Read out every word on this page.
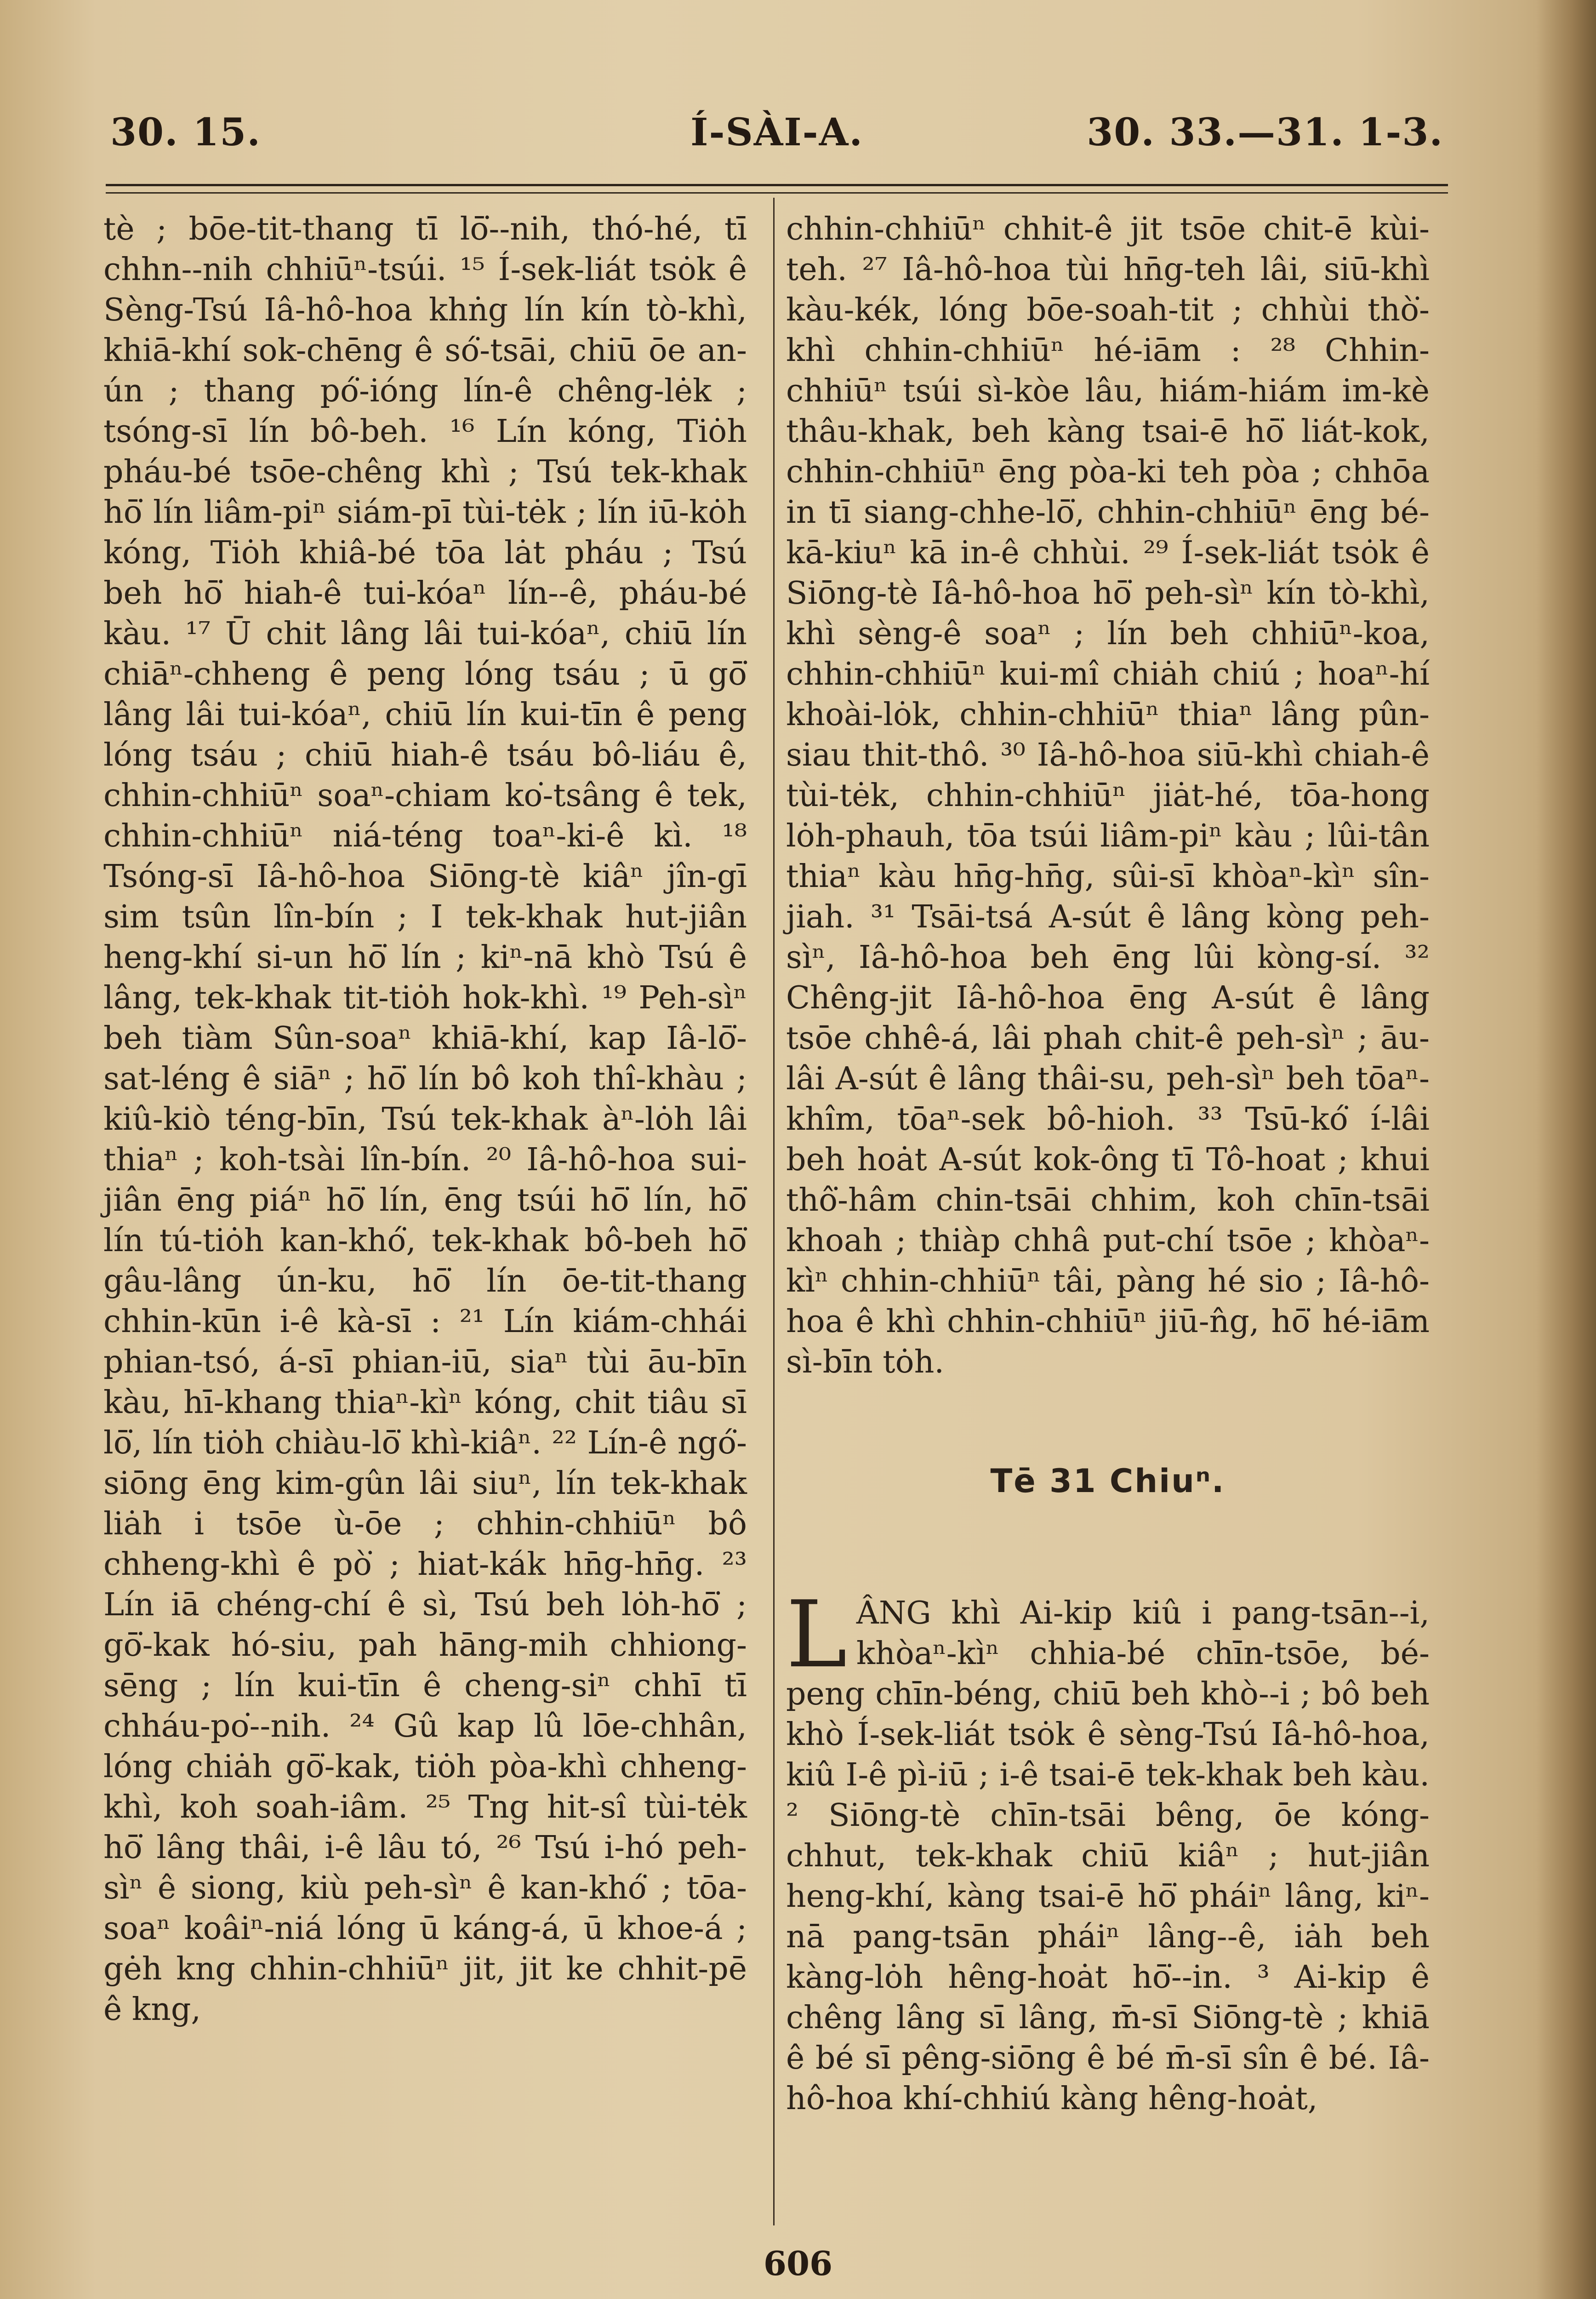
30. 15.	Í-SÀI-A.	30. 33.—31. 1-3.

tè ; bōe-tit-thang tī lō͘--nih, thó-hé, tī chhn--nih chhiūⁿ-tsúi. ¹⁵ Í-sek-liát tsȯk ê Sèng-Tsú Iâ-hô-hoa khṅg lín kín tò-khì, khiā-khí sok-chēng ê só͘-tsāi, chiū ōe an-ún ; thang pó͘-ióng lín-ê chêng-lėk ; tsóng-sī lín bô-beh. ¹⁶ Lín kóng, Tiȯh pháu-bé tsōe-chêng khì ; Tsú tek-khak hō͘ lín liâm-piⁿ siám-pī tùi-tėk ; lín iū-kȯh kóng, Tiȯh khiâ-bé tōa lȧt pháu ; Tsú beh hō͘ hiah-ê tui-kóaⁿ lín--ê, pháu-bé kàu. ¹⁷ Ū chit lâng lâi tui-kóaⁿ, chiū lín chiāⁿ-chheng ê peng lóng tsáu ; ū gō͘ lâng lâi tui-kóaⁿ, chiū lín kui-tīn ê peng lóng tsáu ; chiū hiah-ê tsáu bô-liáu ê, chhin-chhiūⁿ soaⁿ-chiam ko͘-tsâng ê tek, chhin-chhiūⁿ niá-téng toaⁿ-ki-ê kì. ¹⁸ Tsóng-sī Iâ-hô-hoa Siōng-tè kiâⁿ jîn-gī sim tsûn lîn-bín ; I tek-khak hut-jiân heng-khí si-un hō͘ lín ; kiⁿ-nā khò Tsú ê lâng, tek-khak tit-tiȯh hok-khì. ¹⁹ Peh-sìⁿ beh tiàm Sûn-soaⁿ khiā-khí, kap Iâ-lō͘-sat-léng ê siāⁿ ; hō͘ lín bô koh thî-khàu ; kiû-kiò téng-bīn, Tsú tek-khak àⁿ-lȯh lâi thiaⁿ ; koh-tsài lîn-bín. ²⁰ Iâ-hô-hoa sui-jiân ēng piáⁿ hō͘ lín, ēng tsúi hō͘ lín, hō͘ lín tú-tiȯh kan-khó͘, tek-khak bô-beh hō͘ gâu-lâng ún-ku, hō͘ lín ōe-tit-thang chhin-kūn i-ê kà-sī : ²¹ Lín kiám-chhái phian-tsó, á-sī phian-iū, siaⁿ tùi āu-bīn kàu, hī-khang thiaⁿ-kìⁿ kóng, chit tiâu sī lō͘, lín tiȯh chiàu-lō͘ khì-kiâⁿ. ²² Lín-ê ngó͘-siōng ēng kim-gûn lâi siuⁿ, lín tek-khak liȧh i tsōe ù-ōe ; chhin-chhiūⁿ bô chheng-khì ê pò͘ ; hiat-kák hn̄g-hn̄g. ²³ Lín iā chéng-chí ê sì, Tsú beh lȯh-hō͘ ; gō͘-kak hó-siu, pah hāng-mih chhiong-sēng ; lín kui-tīn ê cheng-siⁿ chhī tī chháu-po͘--nih. ²⁴ Gû kap lû lōe-chhân, lóng chiȧh gō͘-kak, tiȯh pòa-khì chheng-khì, koh soah-iâm. ²⁵ Tng hit-sî tùi-tėk hō͘ lâng thâi, i-ê lâu tó, ²⁶ Tsú i-hó peh-sìⁿ ê siong, kiù peh-sìⁿ ê kan-khó͘ ; tōa-soaⁿ koâiⁿ-niá lóng ū káng-á, ū khoe-á ; gėh kng chhin-chhiūⁿ jit, jit ke chhit-pē ê kng,

chhin-chhiūⁿ chhit-ê jit tsōe chit-ē kùi-teh. ²⁷ Iâ-hô-hoa tùi hn̄g-teh lâi, siū-khì kàu-kék, lóng bōe-soah-tit ; chhùi thò͘-khì chhin-chhiūⁿ hé-iām : ²⁸ Chhin-chhiūⁿ tsúi sì-kòe lâu, hiám-hiám im-kè thâu-khak, beh kàng tsai-ē hō͘ liát-kok, chhin-chhiūⁿ ēng pòa-ki teh pòa ; chhōa in tī siang-chhe-lō͘, chhin-chhiūⁿ ēng bé-kā-kiuⁿ kā in-ê chhùi. ²⁹ Í-sek-liát tsȯk ê Siōng-tè Iâ-hô-hoa hō͘ peh-sìⁿ kín tò-khì, khì sèng-ê soaⁿ ; lín beh chhiūⁿ-koa, chhin-chhiūⁿ kui-mî chiȧh chiú ; hoaⁿ-hí khoài-lȯk, chhin-chhiūⁿ thiaⁿ lâng pûn-siau thit-thô. ³⁰ Iâ-hô-hoa siū-khì chiah-ê tùi-tėk, chhin-chhiūⁿ jiȧt-hé, tōa-hong lȯh-phauh, tōa tsúi liâm-piⁿ kàu ; lûi-tân thiaⁿ kàu hn̄g-hn̄g, sûi-sī khòaⁿ-kìⁿ sîn-jiah. ³¹ Tsāi-tsá A-sút ê lâng kòng peh-sìⁿ, Iâ-hô-hoa beh ēng lûi kòng-sí. ³² Chêng-jit Iâ-hô-hoa ēng A-sút ê lâng tsōe chhê-á, lâi phah chit-ê peh-sìⁿ ; āu-lâi A-sút ê lâng thâi-su, peh-sìⁿ beh tōaⁿ-khîm, tōaⁿ-sek bô-hioh. ³³ Tsū-kó͘ í-lâi beh hoȧt A-sút kok-ông tī Tô-hoat ; khui thô͘-hâm chin-tsāi chhim, koh chīn-tsāi khoah ; thiàp chhâ put-chí tsōe ; khòaⁿ-kìⁿ chhin-chhiūⁿ tâi, pàng hé sio ; Iâ-hô-hoa ê khì chhin-chhiūⁿ jiū-n̂g, hō͘ hé-iām sì-bīn tȯh.

Tē 31 Chiuⁿ.
L ÂNG khì Ai-kip kiû i pang-tsān--i, khòaⁿ-kìⁿ chhia-bé chīn-tsōe, bé-peng chīn-béng, chiū beh khò--i ; bô beh khò Í-sek-liát tsȯk ê sèng-Tsú Iâ-hô-hoa, kiû I-ê pì-iū ; i-ê tsai-ē tek-khak beh kàu. ² Siōng-tè chīn-tsāi bêng, ōe kóng-chhut, tek-khak chiū kiâⁿ ; hut-jiân heng-khí, kàng tsai-ē hō͘ pháiⁿ lâng, kiⁿ-nā pang-tsān pháiⁿ lâng--ê, iȧh beh kàng-lȯh hêng-hoȧt hō͘--in. ³ Ai-kip ê chêng lâng sī lâng, m̄-sī Siōng-tè ; khiā ê bé sī pêng-siōng ê bé m̄-sī sîn ê bé. Iâ-hô-hoa khí-chhiú kàng hêng-hoȧt,

606
